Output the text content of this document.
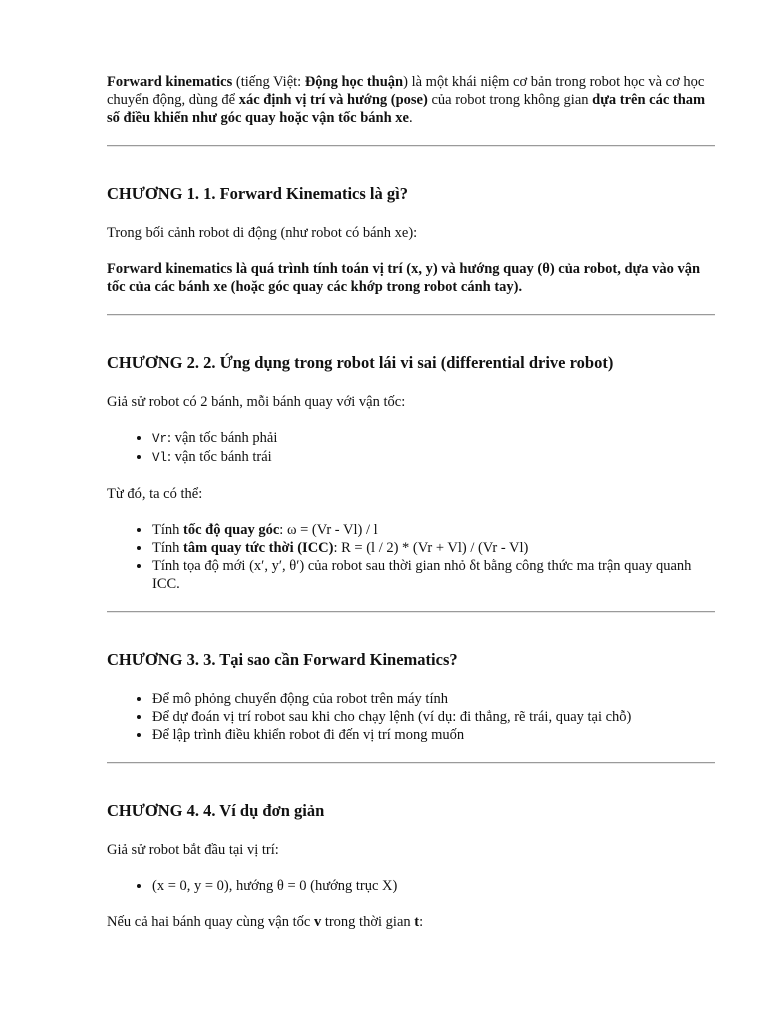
Forward kinematics (tiếng Việt: Động học thuận) là một khái niệm cơ bản trong robot học và cơ học chuyển động, dùng để xác định vị trí và hướng (pose) của robot trong không gian dựa trên các tham số điều khiển như góc quay hoặc vận tốc bánh xe.

CHƯƠNG 1. 1. Forward Kinematics là gì?

Trong bối cảnh robot di động (như robot có bánh xe):

Forward kinematics là quá trình tính toán vị trí (x, y) và hướng quay (θ) của robot, dựa vào vận tốc của các bánh xe (hoặc góc quay các khớp trong robot cánh tay).

CHƯƠNG 2. 2. Ứng dụng trong robot lái vi sai (differential drive robot)

Giả sử robot có 2 bánh, mỗi bánh quay với vận tốc:

• Vr: vận tốc bánh phải
• Vl: vận tốc bánh trái

Từ đó, ta có thể:

• Tính tốc độ quay góc: ω = (Vr - Vl) / l
• Tính tâm quay tức thời (ICC): R = (l / 2) * (Vr + Vl) / (Vr - Vl)
• Tính tọa độ mới (x′, y′, θ′) của robot sau thời gian nhỏ δt bằng công thức ma trận quay quanh ICC.
CHƯƠNG 3. 3. Tại sao cần Forward Kinematics?
• Để mô phỏng chuyển động của robot trên máy tính
• Để dự đoán vị trí robot sau khi cho chạy lệnh (ví dụ: đi thẳng, rẽ trái, quay tại chỗ)
• Để lập trình điều khiển robot đi đến vị trí mong muốn
CHƯƠNG 4. 4. Ví dụ đơn giản

Giả sử robot bắt đầu tại vị trí:

• (x = 0, y = 0), hướng θ = 0 (hướng trục X)

Nếu cả hai bánh quay cùng vận tốc v trong thời gian t:
